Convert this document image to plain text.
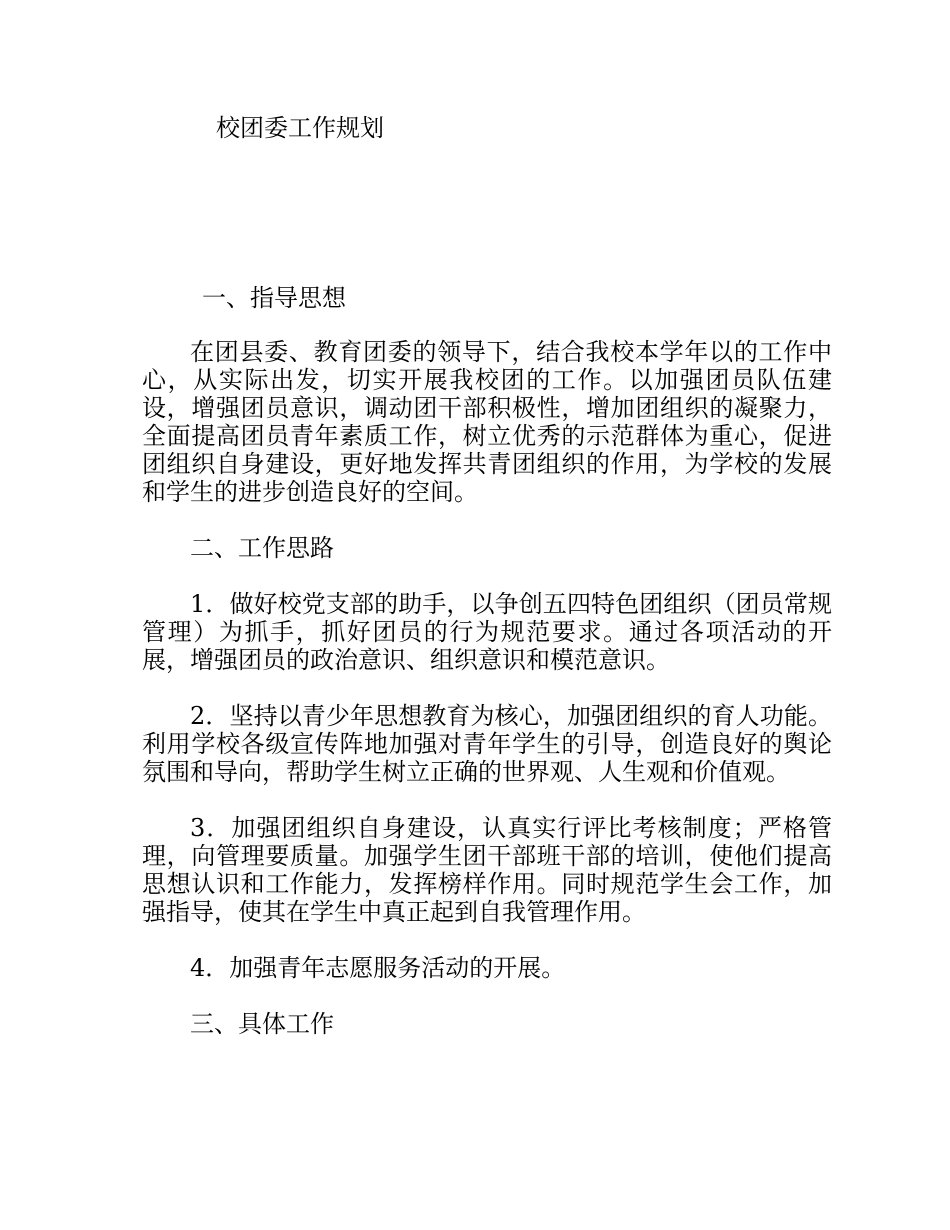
校团委工作规划
一、指导思想

在团县委、教育团委的领导下，结合我校本学年以的工作中心，从实际出发，切实开展我校团的工作。以加强团员队伍建设，增强团员意识，调动团干部积极性，增加团组织的凝聚力，全面提高团员青年素质工作，树立优秀的示范群体为重心，促进团组织自身建设，更好地发挥共青团组织的作用，为学校的发展和学生的进步创造良好的空间。

二、工作思路

1．做好校党支部的助手，以争创五四特色团组织（团员常规管理）为抓手，抓好团员的行为规范要求。通过各项活动的开展，增强团员的政治意识、组织意识和模范意识。

2．坚持以青少年思想教育为核心，加强团组织的育人功能。利用学校各级宣传阵地加强对青年学生的引导，创造良好的舆论氛围和导向，帮助学生树立正确的世界观、人生观和价值观。

3．加强团组织自身建设，认真实行评比考核制度；严格管理，向管理要质量。加强学生团干部班干部的培训，使他们提高思想认识和工作能力，发挥榜样作用。同时规范学生会工作，加强指导，使其在学生中真正起到自我管理作用。

4．加强青年志愿服务活动的开展。

三、具体工作
